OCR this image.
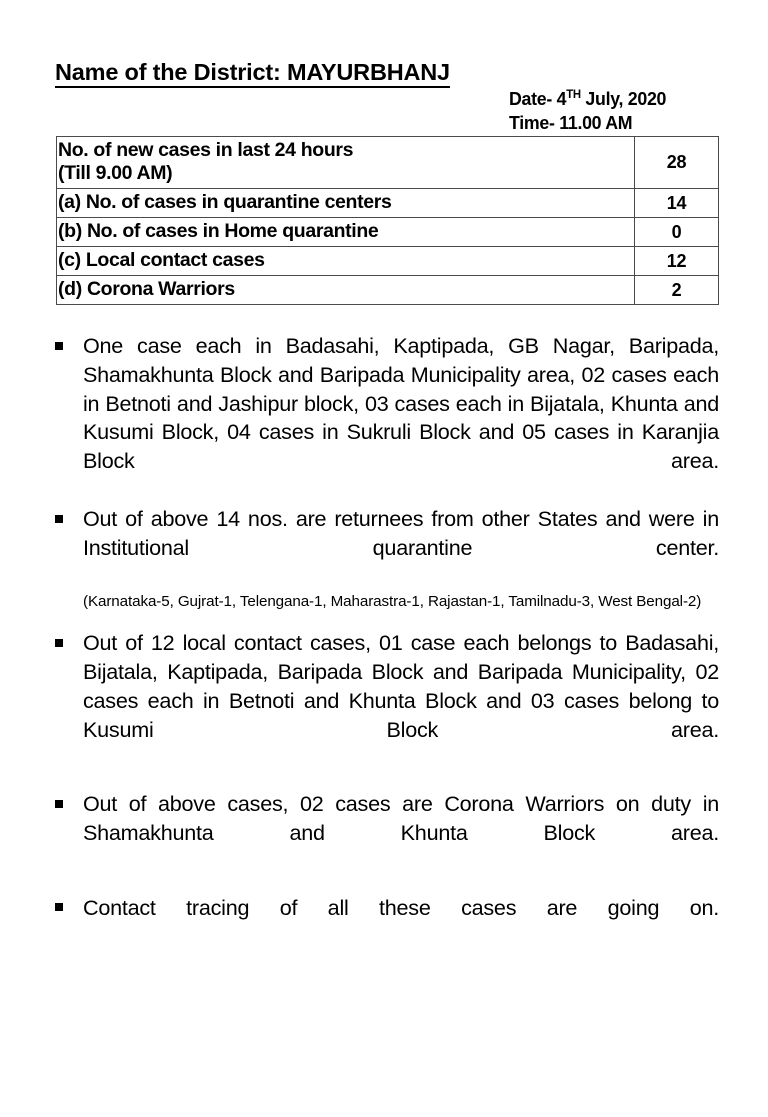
Name of the District: MAYURBHANJ
Date- 4TH July, 2020
Time- 11.00 AM
No. of new cases in last 24 hours
(Till 9.00 AM)	28
(a) No. of cases in quarantine centers	14
(b) No. of cases in Home quarantine	0
(c) Local contact cases	12
(d) Corona Warriors	2
One case each in Badasahi, Kaptipada, GB Nagar, Baripada, Shamakhunta Block and Baripada Municipality area, 02 cases each in Betnoti and Jashipur block, 03 cases each in Bijatala, Khunta and Kusumi Block, 04 cases in Sukruli Block and 05 cases in Karanjia Block area.
Out of above 14 nos. are returnees from other States and were in Institutional quarantine center.
(Karnataka-5, Gujrat-1, Telengana-1, Maharastra-1, Rajastan-1, Tamilnadu-3, West Bengal-2)
Out of 12 local contact cases, 01 case each belongs to Badasahi, Bijatala, Kaptipada, Baripada Block and Baripada Municipality, 02 cases each in Betnoti and Khunta Block and 03 cases belong to Kusumi Block area.
Out of above cases, 02 cases are Corona Warriors on duty in Shamakhunta and Khunta Block area.
Contact tracing of all these cases are going on.
